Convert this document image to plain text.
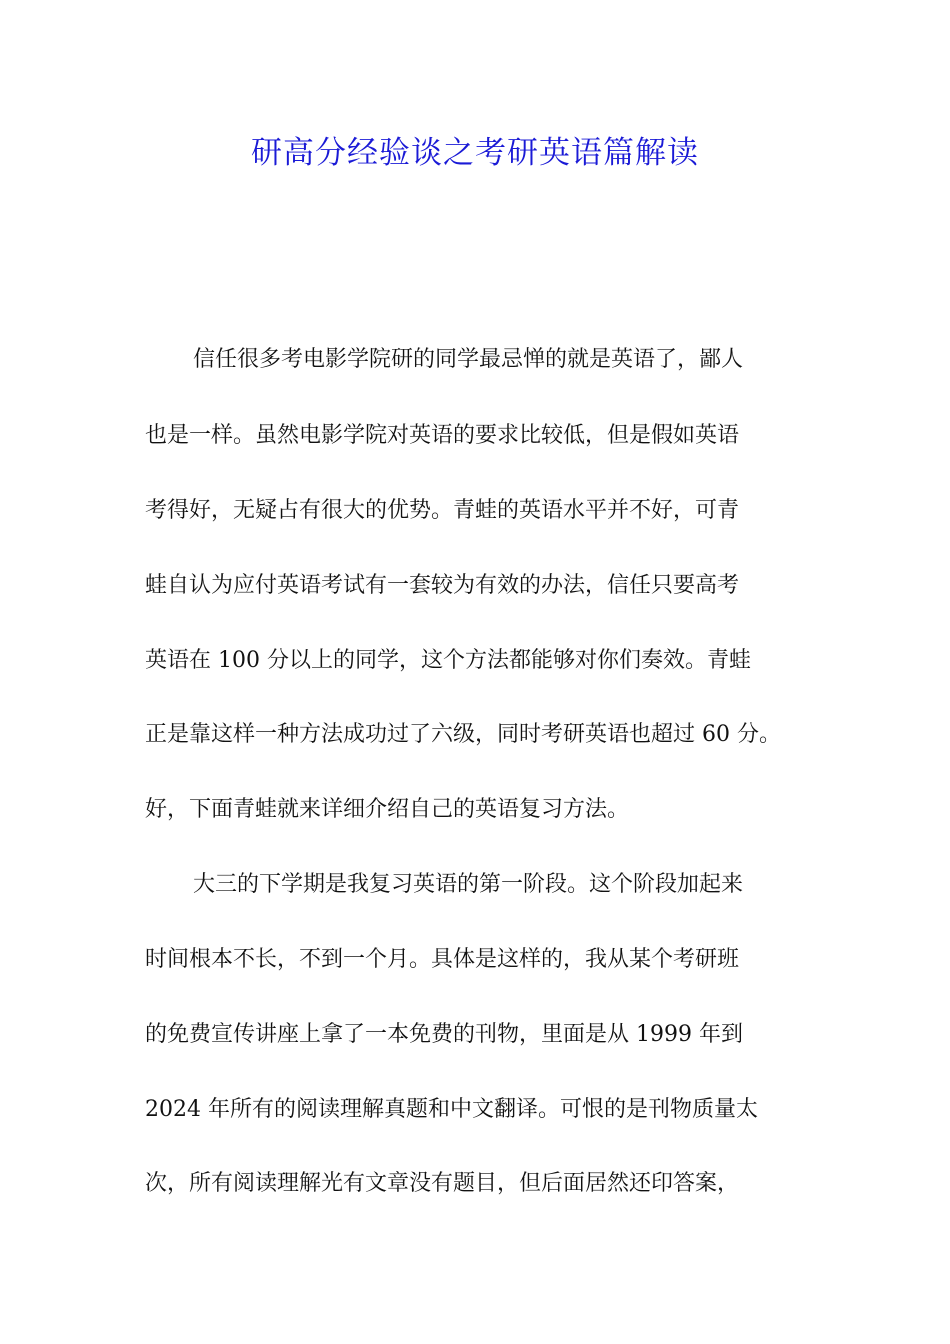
研高分经验谈之考研英语篇解读

信任很多考电影学院研的同学最忌惮的就是英语了，鄙人

也是一样。虽然电影学院对英语的要求比较低，但是假如英语

考得好，无疑占有很大的优势。青蛙的英语水平并不好，可青

蛙自认为应付英语考试有一套较为有效的办法，信任只要高考

英语在 100 分以上的同学，这个方法都能够对你们奏效。青蛙

正是靠这样一种方法成功过了六级，同时考研英语也超过 60 分。

好，下面青蛙就来详细介绍自己的英语复习方法。

大三的下学期是我复习英语的第一阶段。这个阶段加起来

时间根本不长，不到一个月。具体是这样的，我从某个考研班

的免费宣传讲座上拿了一本免费的刊物，里面是从 1999 年到

2024 年所有的阅读理解真题和中文翻译。可恨的是刊物质量太

次，所有阅读理解光有文章没有题目，但后面居然还印答案，
